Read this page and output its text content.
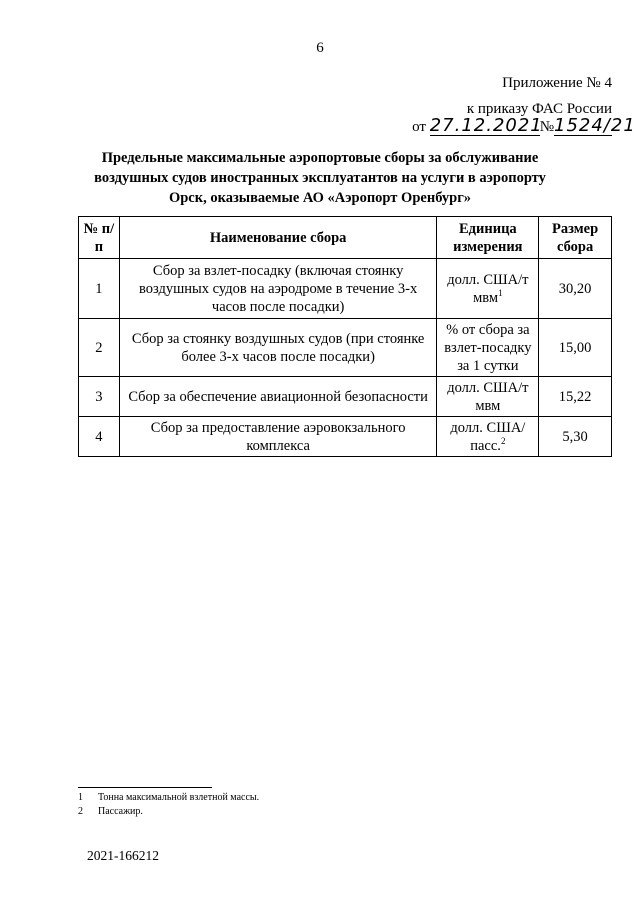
6
Приложение № 4
к приказу ФАС России
от 27.12.2021№1524/21
Предельные максимальные аэропортовые сборы за обслуживание воздушных судов иностранных эксплуатантов на услуги в аэропорту Орск, оказываемые АО «Аэропорт Оренбург»
№ п/п	Наименование сбора	Единица измерения	Размер сбора
1	Сбор за взлет-посадку (включая стоянку воздушных судов на аэродроме в течение 3-х часов после посадки)	долл. США/т мвм$^1$	30,20
2	Сбор за стоянку воздушных судов (при стоянке более 3-х часов после посадки)	% от сбора за взлет-посадку за 1 сутки	15,00
3	Сбор за обеспечение авиационной безопасности	долл. США/т мвм	15,22
4	Сбор за предоставление аэровокзального комплекса	долл. США/пасс.$^2$	5,30
1 Тонна максимальной взлетной массы.
2 Пассажир.
2021-166212
